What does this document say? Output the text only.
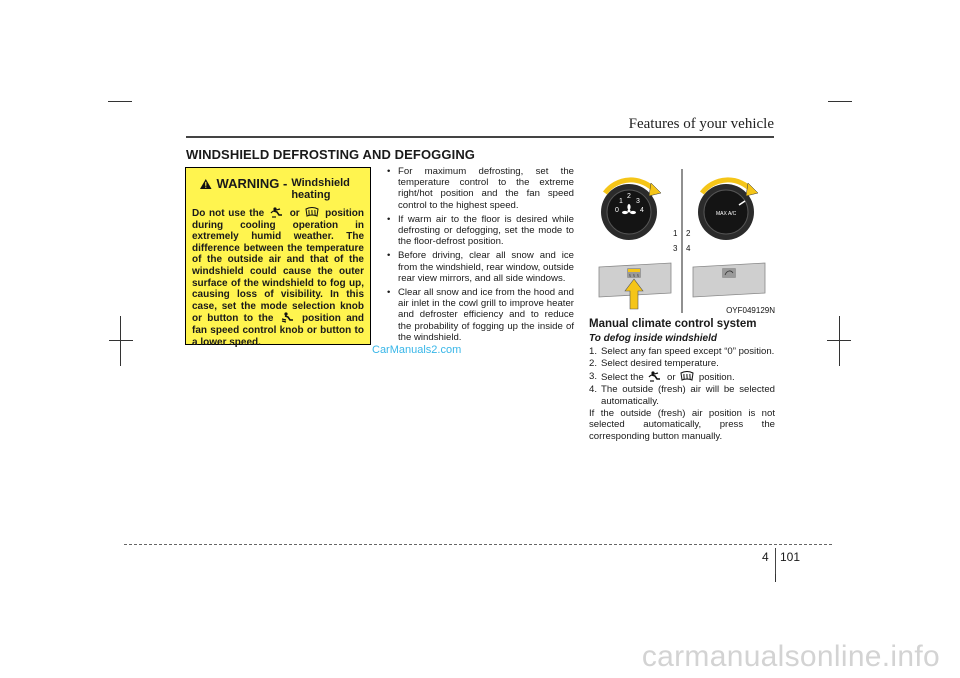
Features of your vehicle
WINDSHIELD DEFROSTING AND DEFOGGING
WARNING - Windshield heating
Do not use the	or	position during cooling operation in extremely humid weather. The difference between the temperature of the outside air and that of the windshield could cause the outer surface of the windshield to fog up, causing loss of visibility. In this case, set the mode selection knob or button to the	position and fan speed control knob or button to a lower speed.
• For maximum defrosting, set the temperature control to the extreme right/hot position and the fan speed control to the highest speed.
• If warm air to the floor is desired while defrosting or defogging, set the mode to the floor-defrost position.
• Before driving, clear all snow and ice from the windshield, rear window, outside rear view mirrors, and all side windows.
• Clear all snow and ice from the hood and air inlet in the cowl grill to improve heater and defroster efficiency and to reduce the probability of fogging up the inside of the windshield.
CarManuals2.com
0
1
2
3
4	MAX A/C
1 2
3 4
OYF049129N
Manual climate control system
To defog inside windshield
1. Select any fan speed except “0” position.
2. Select desired temperature.
3. Select the or position.
4. The outside (fresh) air will be selected automatically.
If the outside (fresh) air position is not selected automatically, press the corresponding button manually.
4 101
carmanualsonline.info
